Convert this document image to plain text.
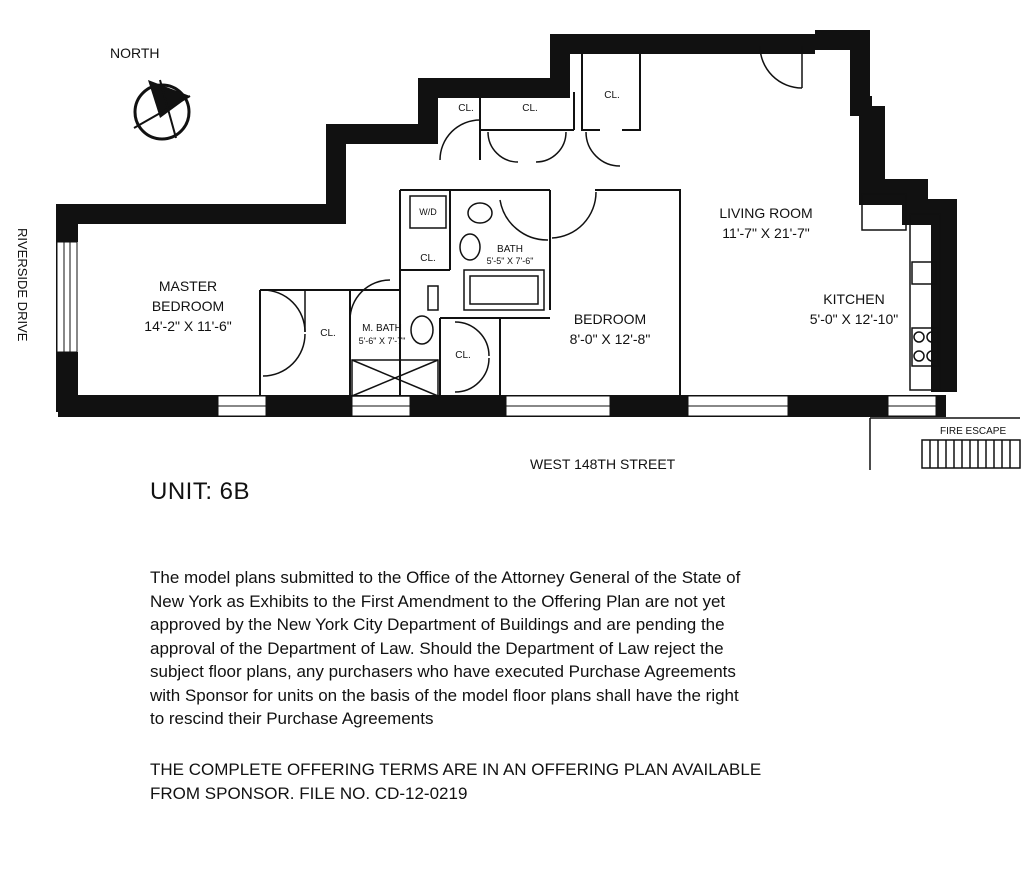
NORTH
RIVERSIDE DRIVE
WEST 148TH STREET
FIRE ESCAPE
MASTER
BEDROOM
14'-2" X 11'-6"	BEDROOM
8'-0" X 12'-8"
LIVING ROOM
11'-7" X 21'-7"
KITCHEN
5'-0" X 12'-10"
BATH
5'-5" X 7'-6"
M. BATH
5'-6" X 7'-7"
W/D
CL.
CL.
CL.
CL.	CL.
CL.
UNIT: 6B
The model plans submitted to the Office of the Attorney General of the State of
New York as Exhibits to the First Amendment to the Offering Plan are not yet
approved by the New York City Department of Buildings and are pending the
approval of the Department of Law. Should the Department of Law reject the
subject floor plans, any purchasers who have executed Purchase Agreements
with Sponsor for units on the basis of the model floor plans shall have the right
to rescind their Purchase Agreements
THE COMPLETE OFFERING TERMS ARE IN AN OFFERING PLAN AVAILABLE
FROM SPONSOR. FILE NO. CD-12-0219
